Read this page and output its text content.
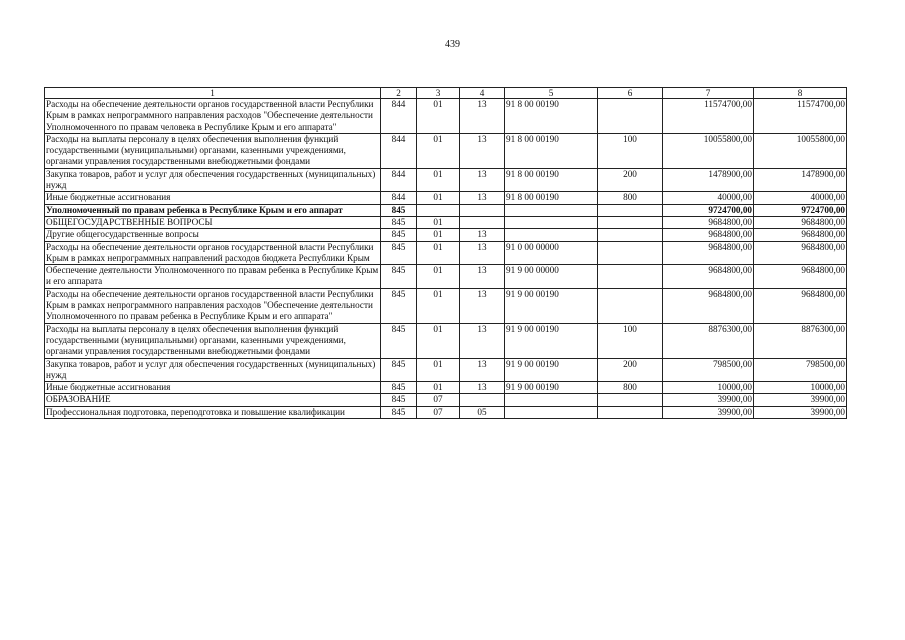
439
1	2	3	4	5	6	7	8
Расходы на обеспечение деятельности органов государственной власти Республики Крым в рамках непрограммного направления расходов "Обеспечение деятельности Уполномоченного по правам человека в Республике Крым и его аппарата"	844	01	13	91 8 00 00190		11574700,00	11574700,00
Расходы на выплаты персоналу в целях обеспечения выполнения функций государственными (муниципальными) органами, казенными учреждениями, органами управления государственными внебюджетными фондами	844	01	13	91 8 00 00190	100	10055800,00	10055800,00
Закупка товаров, работ и услуг для обеспечения государственных (муниципальных) нужд	844	01	13	91 8 00 00190	200	1478900,00	1478900,00
Иные бюджетные ассигнования	844	01	13	91 8 00 00190	800	40000,00	40000,00
Уполномоченный по правам ребенка в Республике Крым и его аппарат	845					9724700,00	9724700,00
ОБЩЕГОСУДАРСТВЕННЫЕ ВОПРОСЫ	845	01				9684800,00	9684800,00
Другие общегосударственные вопросы	845	01	13			9684800,00	9684800,00
Расходы на обеспечение деятельности органов государственной власти Республики Крым в рамках непрограммных направлений расходов бюджета Республики Крым	845	01	13	91 0 00 00000		9684800,00	9684800,00
Обеспечение деятельности Уполномоченного по правам ребенка в Республике Крым и его аппарата	845	01	13	91 9 00 00000		9684800,00	9684800,00
Расходы на обеспечение деятельности органов государственной власти Республики Крым в рамках непрограммного направления расходов "Обеспечение деятельности Уполномоченного по правам ребенка в Республике Крым и его аппарата"	845	01	13	91 9 00 00190		9684800,00	9684800,00
Расходы на выплаты персоналу в целях обеспечения выполнения функций государственными (муниципальными) органами, казенными учреждениями, органами управления государственными внебюджетными фондами	845	01	13	91 9 00 00190	100	8876300,00	8876300,00
Закупка товаров, работ и услуг для обеспечения государственных (муниципальных) нужд	845	01	13	91 9 00 00190	200	798500,00	798500,00
Иные бюджетные ассигнования	845	01	13	91 9 00 00190	800	10000,00	10000,00
ОБРАЗОВАНИЕ	845	07				39900,00	39900,00
Профессиональная подготовка, переподготовка и повышение квалификации	845	07	05			39900,00	39900,00
